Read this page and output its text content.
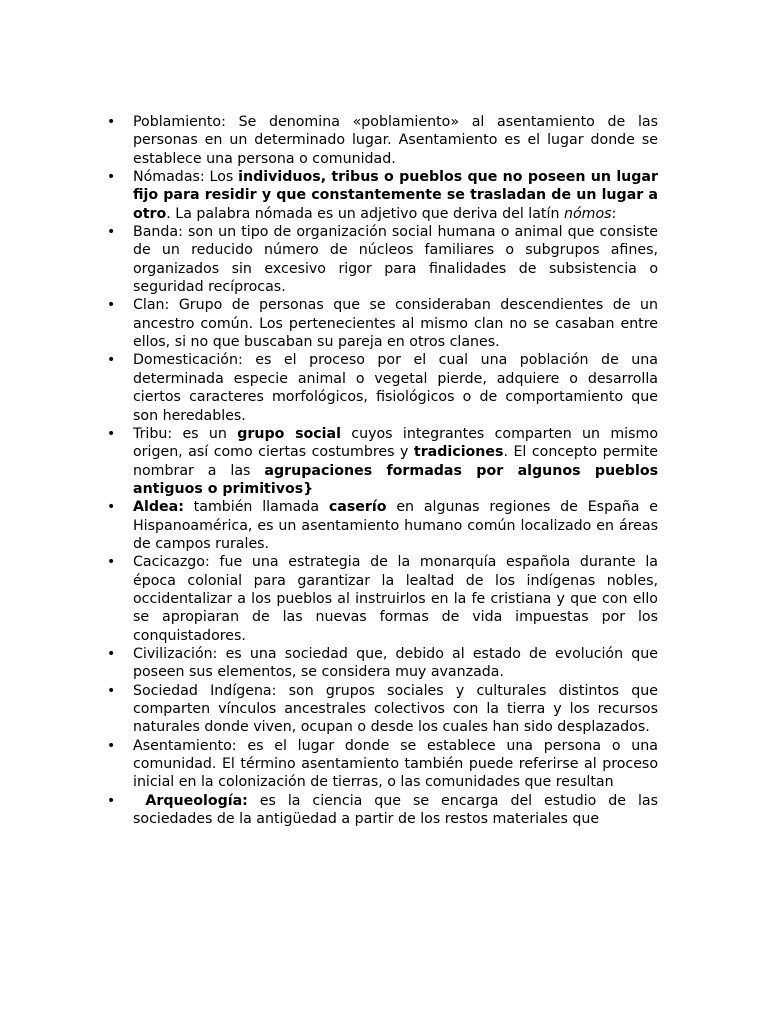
• Poblamiento: Se denomina «poblamiento» al asentamiento de las personas en un determinado lugar. Asentamiento es el lugar donde se establece una persona o comunidad.
• Nómadas: Los individuos, tribus o pueblos que no poseen un lugar fijo para residir y que constantemente se trasladan de un lugar a otro. La palabra nómada es un adjetivo que deriva del latín nómos:
• Banda: son un tipo de organización social humana o animal que consiste de un reducido número de núcleos familiares o subgrupos afines, organizados sin excesivo rigor para finalidades de subsistencia o seguridad recíprocas.
• Clan: Grupo de personas que se consideraban descendientes de un ancestro común. Los pertenecientes al mismo clan no se casaban entre ellos, si no que buscaban su pareja en otros clanes.
• Domesticación: es el proceso por el cual una población de una determinada especie animal o vegetal pierde, adquiere o desarrolla ciertos caracteres morfológicos, fisiológicos o de comportamiento que son heredables.
• Tribu: es un grupo social cuyos integrantes comparten un mismo origen, así como ciertas costumbres y tradiciones. El concepto permite nombrar a las agrupaciones formadas por algunos pueblos antiguos o primitivos}
• Aldea: también llamada caserío en algunas regiones de España e Hispanoamérica, es un asentamiento humano común localizado en áreas de campos rurales.
• Cacicazgo: fue una estrategia de la monarquía española durante la época colonial para garantizar la lealtad de los indígenas nobles, occidentalizar a los pueblos al instruirlos en la fe cristiana y que con ello se apropiaran de las nuevas formas de vida impuestas por los conquistadores.
• Civilización: es una sociedad que, debido al estado de evolución que poseen sus elementos, se considera muy avanzada.
• Sociedad Indígena: son grupos sociales y culturales distintos que comparten vínculos ancestrales colectivos con la tierra y los recursos naturales donde viven, ocupan o desde los cuales han sido desplazados.
• Asentamiento: es el lugar donde se establece una persona o una comunidad. El término asentamiento también puede referirse al proceso inicial en la colonización de tierras, o las comunidades que resultan
• Arqueología: es la ciencia que se encarga del estudio de las sociedades de la antigüedad a partir de los restos materiales que
